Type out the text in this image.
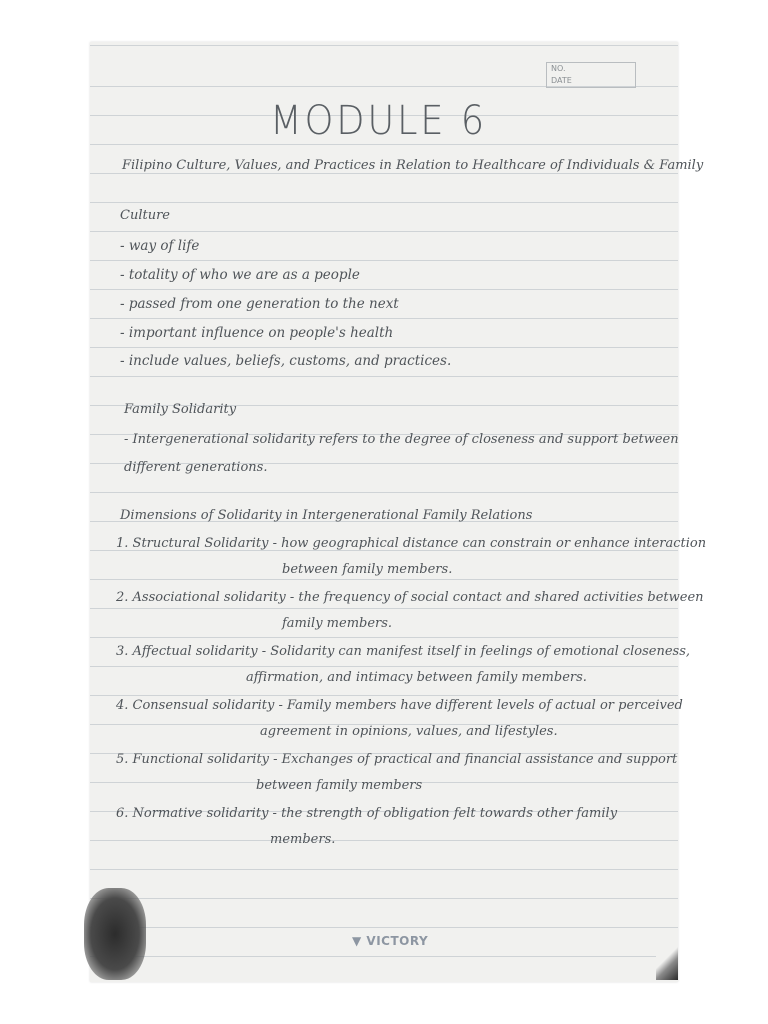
NO.
DATE
MODULE 6
Filipino Culture, Values, and Practices in Relation to Healthcare of Individuals & Family
Culture
- way of life
- totality of who we are as a people
- passed from one generation to the next
- important influence on people's health
- include values, beliefs, customs, and practices.
Family Solidarity
- Intergenerational solidarity refers to the degree of closeness and support between
different generations.
Dimensions of Solidarity in Intergenerational Family Relations
1. Structural Solidarity - how geographical distance can constrain or enhance interaction
between family members.
2. Associational solidarity - the frequency of social contact and shared activities between
family members.
3. Affectual solidarity - Solidarity can manifest itself in feelings of emotional closeness,
affirmation, and intimacy between family members.
4. Consensual solidarity - Family members have different levels of actual or perceived
agreement in opinions, values, and lifestyles.
5. Functional solidarity - Exchanges of practical and financial assistance and support
between family members
6. Normative solidarity - the strength of obligation felt towards other family
members.
▼ VICTORY
